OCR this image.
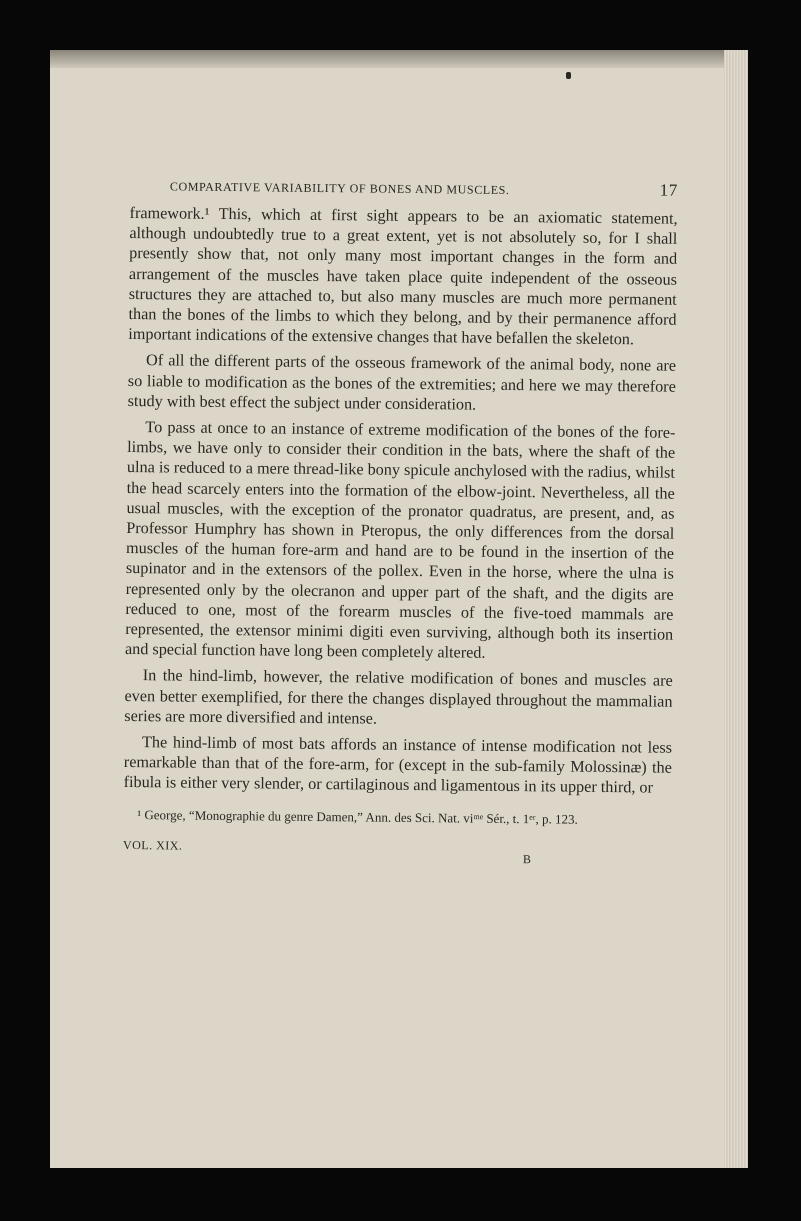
COMPARATIVE VARIABILITY OF BONES AND MUSCLES.	17

framework.¹ This, which at first sight appears to be an axiomatic statement, although undoubtedly true to a great extent, yet is not absolutely so, for I shall presently show that, not only many most important changes in the form and arrangement of the muscles have taken place quite independent of the osseous structures they are attached to, but also many muscles are much more permanent than the bones of the limbs to which they belong, and by their permanence afford important indications of the extensive changes that have befallen the skeleton.

Of all the different parts of the osseous framework of the animal body, none are so liable to modification as the bones of the extremities; and here we may therefore study with best effect the subject under consideration.

To pass at once to an instance of extreme modification of the bones of the fore-limbs, we have only to consider their condition in the bats, where the shaft of the ulna is reduced to a mere thread-like bony spicule anchylosed with the radius, whilst the head scarcely enters into the formation of the elbow-joint. Nevertheless, all the usual muscles, with the exception of the pronator quadratus, are present, and, as Professor Humphry has shown in Pteropus, the only differences from the dorsal muscles of the human fore-arm and hand are to be found in the insertion of the supinator and in the extensors of the pollex. Even in the horse, where the ulna is represented only by the olecranon and upper part of the shaft, and the digits are reduced to one, most of the forearm muscles of the five-toed mammals are represented, the extensor minimi digiti even surviving, although both its insertion and special function have long been completely altered.

In the hind-limb, however, the relative modification of bones and muscles are even better exemplified, for there the changes displayed throughout the mammalian series are more diversified and intense.

The hind-limb of most bats affords an instance of intense modification not less remarkable than that of the fore-arm, for (except in the sub-family Molossinæ) the fibula is either very slender, or cartilaginous and ligamentous in its upper third, or

¹ George, “Monographie du genre Damen,” Ann. des Sci. Nat. viᵐᵉ Sér., t. 1ᵉʳ, p. 123.

VOL. XIX.
B
